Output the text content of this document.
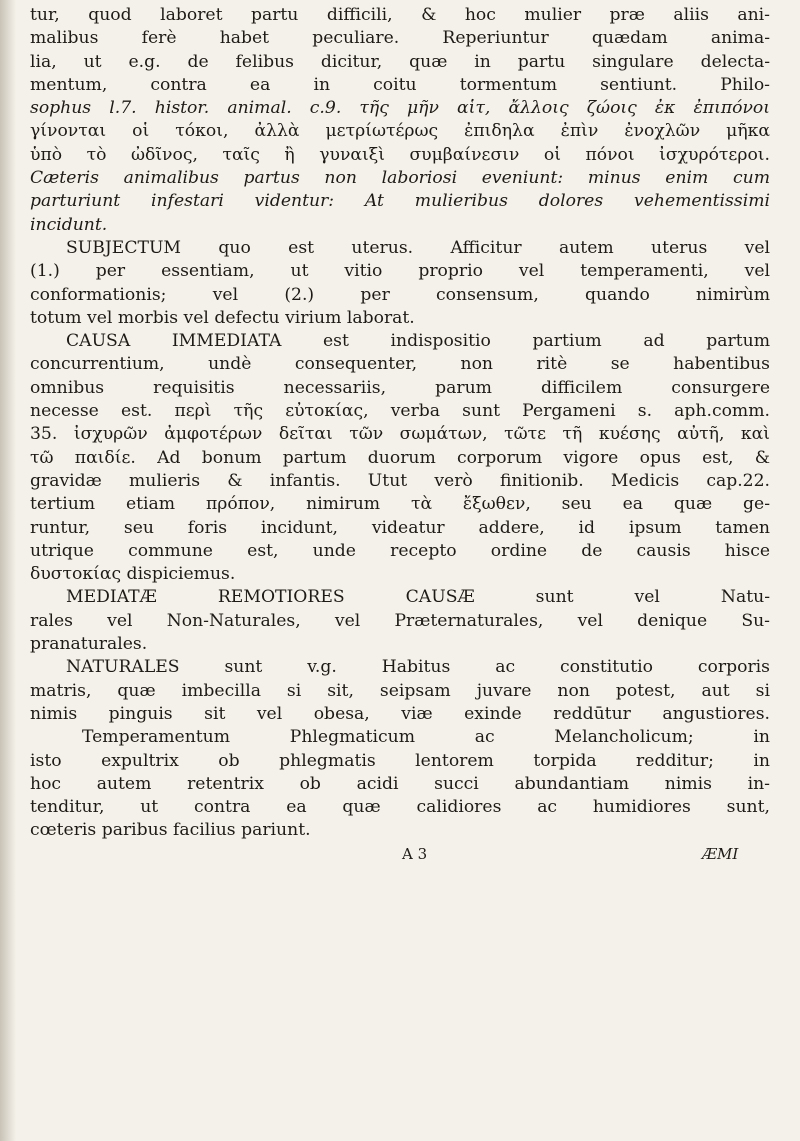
tur, quod laboret partu difficili, & hoc mulier præ aliis ani-
malibus ferè habet peculiare. Reperiuntur quædam anima-
lia, ut e.g. de felibus dicitur, quæ in partu singulare delecta-
mentum, contra ea in coitu tormentum sentiunt. Philo-
sophus l.7. histor. animal. c.9. τῆς μῆν αἱτ, ἄλλοις ζώοις ἐκ ἐπιπόνοι
γίνονται οἱ τόκοι, ἀλλὰ μετρίωτέρως ἐπιδηλα ἐπὶν ἐνοχλῶν μῆκα
ὑπὸ τὸ ὠδῖνος, ταῖς ἢ γυναιξὶ συμβαίνεσιν οἱ πόνοι ἰσχυρότεροι.
Cæteris animalibus partus non laboriosi eveniunt: minus enim cum
parturiunt infestari videntur: At mulieribus dolores vehementissimi
incidunt.
SUBJECTUM quo est uterus. Afficitur autem uterus vel
(1.) per essentiam, ut vitio proprio vel temperamenti, vel
conformationis; vel (2.) per consensum, quando nimirùm
totum vel morbis vel defectu virium laborat.
CAUSA IMMEDIATA est indispositio partium ad partum
concurrentium, undè consequenter, non ritè se habentibus
omnibus requisitis necessariis, parum difficilem consurgere
necesse est. περὶ τῆς εὐτοκίας, verba sunt Pergameni s. aph.comm.
35. ἰσχυρῶν ἀμφοτέρων δεῖται τῶν σωμάτων, τῶτε τῆ κυέσης αὐτῆ, καὶ
τῶ παιδίε. Ad bonum partum duorum corporum vigore opus est, &
gravidæ mulieris & infantis. Utut verò finitionib. Medicis cap.22.
tertium etiam πρόπον, nimirum τὰ ἔξωθεν, seu ea quæ ge-
runtur, seu foris incidunt, videatur addere, id ipsum tamen
utrique commune est, unde recepto ordine de causis hisce
δυστοκίας dispiciemus.
MEDIATÆ REMOTIORES CAUSÆ sunt vel Natu-
rales vel Non-Naturales, vel Præternaturales, vel denique Su-
pranaturales.
NATURALES sunt v.g. Habitus ac constitutio corporis
matris, quæ imbecilla si sit, seipsam juvare non potest, aut si
nimis pinguis sit vel obesa, viæ exinde reddūtur angustiores.
Temperamentum Phlegmaticum ac Melancholicum; in
isto expultrix ob phlegmatis lentorem torpida redditur; in
hoc autem retentrix ob acidi succi abundantiam nimis in-
tenditur, ut contra ea quæ calidiores ac humidiores sunt,
cœteris paribus facilius pariunt.
A 3	ÆMI
